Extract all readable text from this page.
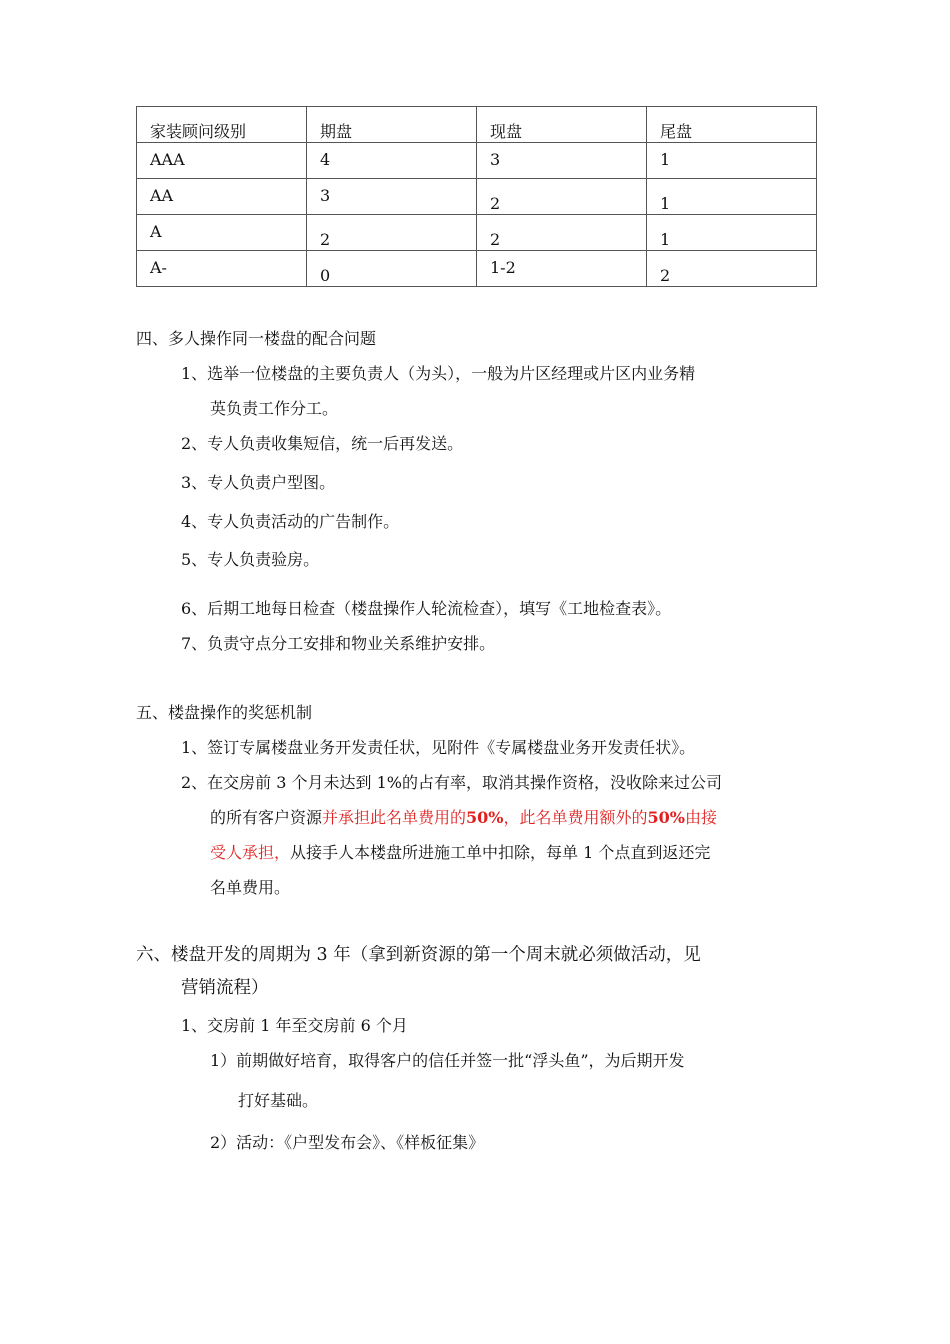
家装顾问级别	期盘	现盘	尾盘
AAA	4	3	1
AA	3	2	1
A	2	2	1
A-	0	1-2	2
四、多人操作同一楼盘的配合问题
1、选举一位楼盘的主要负责人（为头），一般为片区经理或片区内业务精
英负责工作分工。
2、专人负责收集短信，统一后再发送。
3、专人负责户型图。
4、专人负责活动的广告制作。
5、专人负责验房。
6、后期工地每日检查（楼盘操作人轮流检查），填写《工地检查表》。
7、负责守点分工安排和物业关系维护安排。
五、楼盘操作的奖惩机制
1、签订专属楼盘业务开发责任状，见附件《专属楼盘业务开发责任状》。
2、在交房前 3 个月未达到 1%的占有率，取消其操作资格，没收除来过公司
的所有客户资源并承担此名单费用的50%，此名单费用额外的50%由接
受人承担，从接手人本楼盘所进施工单中扣除，每单 1 个点直到返还完
名单费用。
六、楼盘开发的周期为 3 年（拿到新资源的第一个周末就必须做活动，见
营销流程）
1、交房前 1 年至交房前 6 个月
1）前期做好培育，取得客户的信任并签一批“浮头鱼”，为后期开发
打好基础。
2）活动：《户型发布会》、《样板征集》
